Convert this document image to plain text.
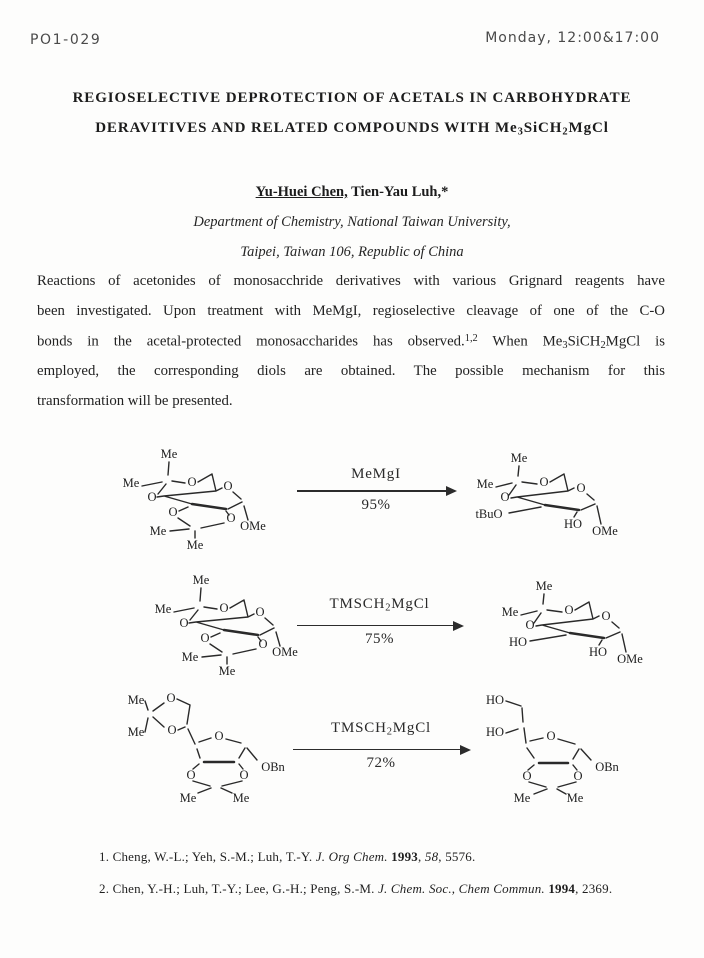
PO1-029	Monday, 12:00&17:00
REGIOSELECTIVE DEPROTECTION OF ACETALS IN CARBOHYDRATE
DERAVITIVES AND RELATED COMPOUNDS WITH $Me_3SiCH_2MgCl$
Yu-Huei Chen, Tien-Yau Luh,*
Department of Chemistry, National Taiwan University,
Taipei, Taiwan 106, Republic of China
Reactions of acetonides of monosacchride derivatives with various Grignard reagents have
been investigated. Upon treatment with MeMgI, regioselective cleavage of one of the C-O
bonds in the acetal-protected monosaccharides has observed.$^{1,2}$ When $Me_3SiCH_2MgCl$ is
employed, the corresponding diols are obtained. The possible mechanism for this
transformation will be presented.
Me
Me	O
O
O
O	O
Me
Me
OMe
MeMgI
95%
Me
Me	O
O
O
tBuO
HO OMe
Me
Me	O
O
O
O	O
Me
Me
OMe
$TMSCH_2MgCl$
75%
Me
Me	O
O
O
HO
HO OMe
Me O
Me O	O
OBn
O	O
Me	Me
$TMSCH_2MgCl$
72%
HO
HO	O
OBn
O	O
Me	Me
1. Cheng, W.-L.; Yeh, S.-M.; Luh, T.-Y. J. Org Chem. 1993, 58, 5576.
2. Chen, Y.-H.; Luh, T.-Y.; Lee, G.-H.; Peng, S.-M. J. Chem. Soc., Chem Commun. 1994, 2369.
